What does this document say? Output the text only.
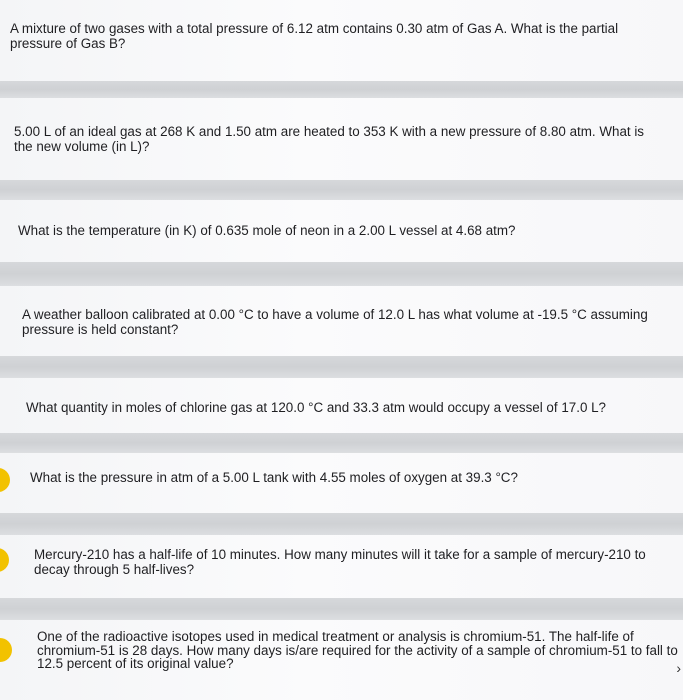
A mixture of two gases with a total pressure of 6.12 atm contains 0.30 atm of Gas A. What is the partial
pressure of Gas B?

5.00 L of an ideal gas at 268 K and 1.50 atm are heated to 353 K with a new pressure of 8.80 atm. What is
the new volume (in L)?

What is the temperature (in K) of 0.635 mole of neon in a 2.00 L vessel at 4.68 atm?

A weather balloon calibrated at 0.00 °C to have a volume of 12.0 L has what volume at -19.5 °C assuming
pressure is held constant?

What quantity in moles of chlorine gas at 120.0 °C and 33.3 atm would occupy a vessel of 17.0 L?

What is the pressure in atm of a 5.00 L tank with 4.55 moles of oxygen at 39.3 °C?

Mercury-210 has a half-life of 10 minutes. How many minutes will it take for a sample of mercury-210 to
decay through 5 half-lives?

One of the radioactive isotopes used in medical treatment or analysis is chromium-51. The half-life of
chromium-51 is 28 days. How many days is/are required for the activity of a sample of chromium-51 to fall to
12.5 percent of its original value?	›
